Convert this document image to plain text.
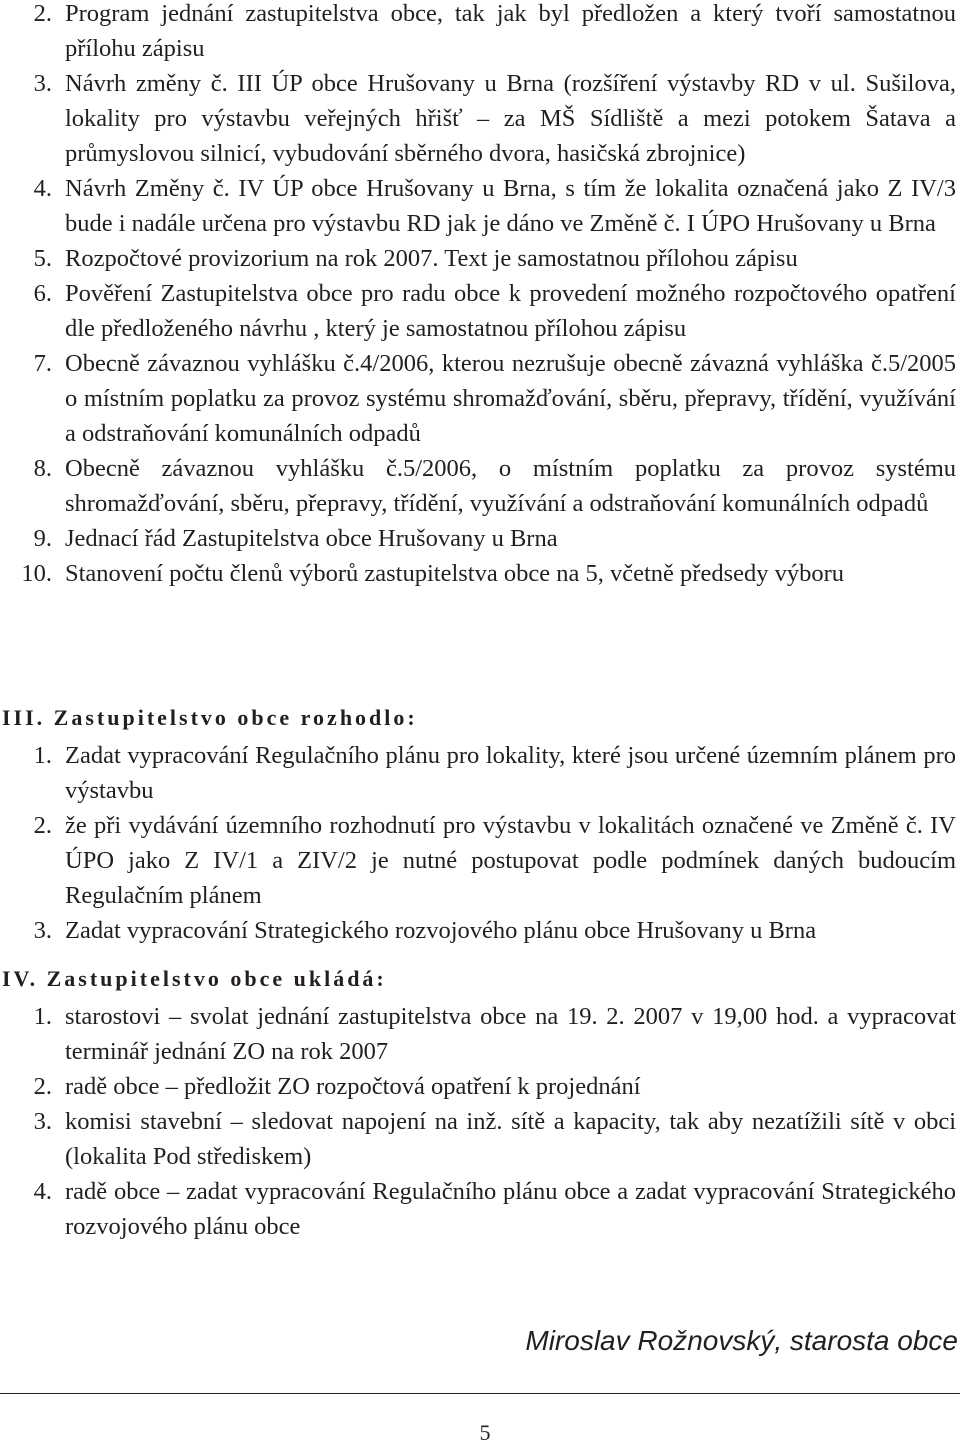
2. Program jednání zastupitelstva obce, tak jak byl předložen a který tvoří samostatnou přílohu zápisu
3. Návrh změny č. III ÚP obce Hrušovany u Brna (rozšíření výstavby RD v ul. Sušilova, lokality pro výstavbu veřejných hřišť – za MŠ Sídliště a mezi potokem Šatava a průmyslovou silnicí, vybudování sběrného dvora, hasičská zbrojnice)
4. Návrh Změny č. IV ÚP obce Hrušovany u Brna, s tím že lokalita označená jako Z IV/3 bude i nadále určena pro výstavbu RD jak je dáno ve Změně č. I ÚPO Hrušovany u Brna
5. Rozpočtové provizorium na rok 2007. Text je samostatnou přílohou zápisu
6. Pověření Zastupitelstva obce pro radu obce k provedení možného rozpočtového opatření dle předloženého návrhu , který je samostatnou přílohou zápisu
7. Obecně závaznou vyhlášku č.4/2006, kterou nezrušuje obecně závazná vyhláška č.5/2005 o místním poplatku za provoz systému shromažďování, sběru, přepravy, třídění, využívání a odstraňování komunálních odpadů
8. Obecně závaznou vyhlášku č.5/2006, o místním poplatku za provoz systému shromažďování, sběru, přepravy, třídění, využívání a odstraňování komunálních odpadů
9. Jednací řád Zastupitelstva obce Hrušovany u Brna
10. Stanovení počtu členů výborů zastupitelstva obce na 5, včetně předsedy výboru
III. Zastupitelstvo obce rozhodlo:
1. Zadat vypracování Regulačního plánu pro lokality, které jsou určené územním plánem pro výstavbu
2. že při vydávání územního rozhodnutí pro výstavbu v lokalitách označené ve Změně č. IV ÚPO jako Z IV/1 a ZIV/2 je nutné postupovat podle podmínek daných budoucím Regulačním plánem
3. Zadat vypracování Strategického rozvojového plánu obce Hrušovany u Brna
IV. Zastupitelstvo obce ukládá:
1. starostovi – svolat jednání zastupitelstva obce na 19. 2. 2007 v 19,00 hod. a vypracovat terminář jednání ZO na rok 2007
2. radě obce – předložit ZO rozpočtová opatření k projednání
3. komisi stavební – sledovat napojení na inž. sítě a kapacity, tak aby nezatížili sítě v obci (lokalita Pod střediskem)
4. radě obce – zadat vypracování Regulačního plánu obce a zadat vypracování Strategického rozvojového plánu obce
Miroslav Rožnovský, starosta obce
5
